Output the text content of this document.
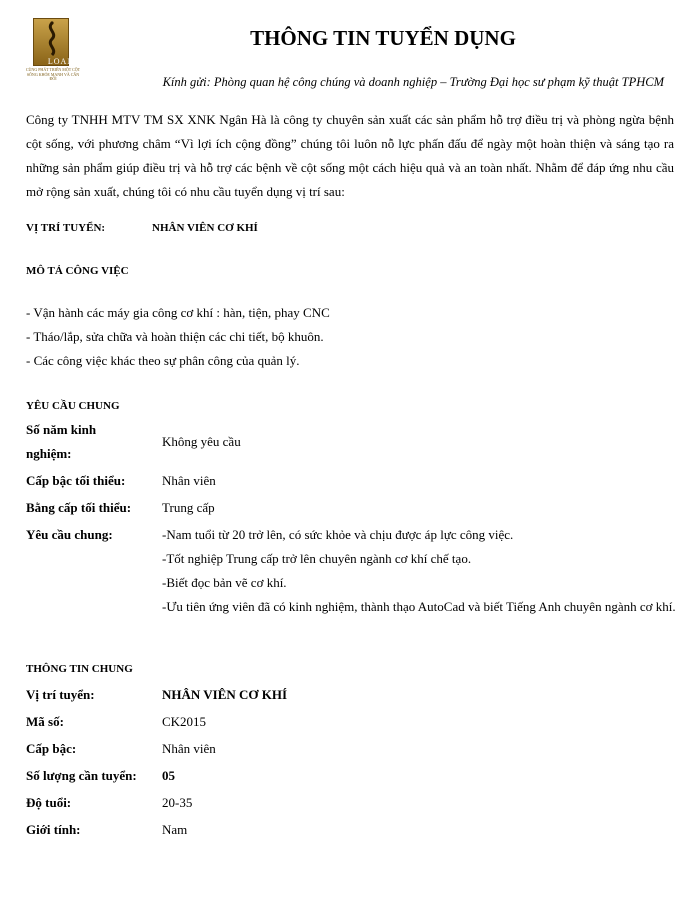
LOAN
CÙNG PHÁT TRIỂN MỘT CỘT SỐNG KHỎE MẠNH VÀ CÂN ĐỐI
THÔNG TIN TUYỂN DỤNG
Kính gửi: Phòng quan hệ công chúng và doanh nghiệp – Trường Đại học sư phạm kỹ thuật TPHCM
Công ty TNHH MTV TM SX XNK Ngân Hà là công ty chuyên sản xuất các sản phẩm hỗ trợ điều trị và phòng ngừa bệnh cột sống, với phương châm “Vì lợi ích cộng đồng” chúng tôi luôn nỗ lực phấn đấu để ngày một hoàn thiện và sáng tạo ra những sản phẩm giúp điều trị và hỗ trợ các bệnh về cột sống một cách hiệu quả và an toàn nhất. Nhằm để đáp ứng nhu cầu mở rộng sản xuất, chúng tôi có nhu cầu tuyển dụng vị trí sau:
VỊ TRÍ TUYỂN:	NHÂN VIÊN CƠ KHÍ
MÔ TẢ CÔNG VIỆC
- Vận hành các máy gia công cơ khí : hàn, tiện, phay CNC
- Tháo/lắp, sửa chữa và hoàn thiện các chi tiết, bộ khuôn.
- Các công việc khác theo sự phân công của quản lý.
YÊU CẦU CHUNG
Số năm kinh
nghiệm:
Không yêu cầu
Cấp bậc tối thiểu:	Nhân viên
Bằng cấp tối thiểu: Trung cấp
Yêu cầu chung:	-Nam tuổi từ 20 trở lên, có sức khỏe và chịu được áp lực công việc.
-Tốt nghiệp Trung cấp trở lên chuyên ngành cơ khí chế tạo.
-Biết đọc bản vẽ cơ khí.
-Ưu tiên ứng viên đã có kinh nghiệm, thành thạo AutoCad và biết Tiếng Anh chuyên ngành cơ khí.
THÔNG TIN CHUNG
Vị trí tuyển:	NHÂN VIÊN CƠ KHÍ
Mã số:	CK2015
Cấp bậc:	Nhân viên
Số lượng cần tuyển: 05
Độ tuổi:	20-35
Giới tính:	Nam
